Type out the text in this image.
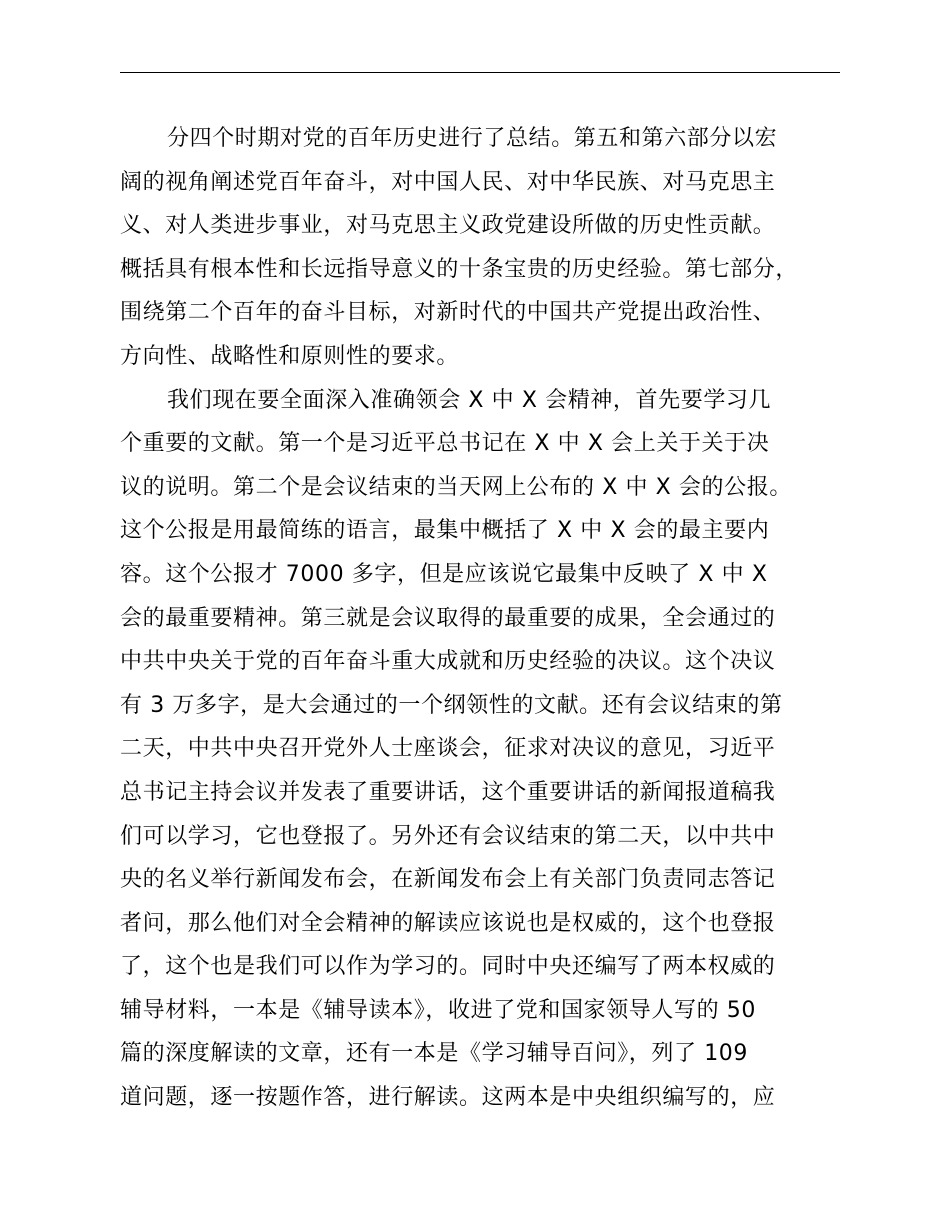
分四个时期对党的百年历史进行了总结。第五和第六部分以宏
阔的视角阐述党百年奋斗，对中国人民、对中华民族、对马克思主
义、对人类进步事业，对马克思主义政党建设所做的历史性贡献。
概括具有根本性和长远指导意义的十条宝贵的历史经验。第七部分，
围绕第二个百年的奋斗目标，对新时代的中国共产党提出政治性、
方向性、战略性和原则性的要求。
我们现在要全面深入准确领会 X 中 X 会精神，首先要学习几
个重要的文献。第一个是习近平总书记在 X 中 X 会上关于关于决
议的说明。第二个是会议结束的当天网上公布的 X 中 X 会的公报。
这个公报是用最简练的语言，最集中概括了 X 中 X 会的最主要内
容。这个公报才 7000 多字，但是应该说它最集中反映了 X 中 X
会的最重要精神。第三就是会议取得的最重要的成果，全会通过的
中共中央关于党的百年奋斗重大成就和历史经验的决议。这个决议
有 3 万多字，是大会通过的一个纲领性的文献。还有会议结束的第
二天，中共中央召开党外人士座谈会，征求对决议的意见，习近平
总书记主持会议并发表了重要讲话，这个重要讲话的新闻报道稿我
们可以学习，它也登报了。另外还有会议结束的第二天，以中共中
央的名义举行新闻发布会，在新闻发布会上有关部门负责同志答记
者问，那么他们对全会精神的解读应该说也是权威的，这个也登报
了，这个也是我们可以作为学习的。同时中央还编写了两本权威的
辅导材料，一本是《辅导读本》，收进了党和国家领导人写的 50
篇的深度解读的文章，还有一本是《学习辅导百问》，列了 109
道问题，逐一按题作答，进行解读。这两本是中央组织编写的，应
